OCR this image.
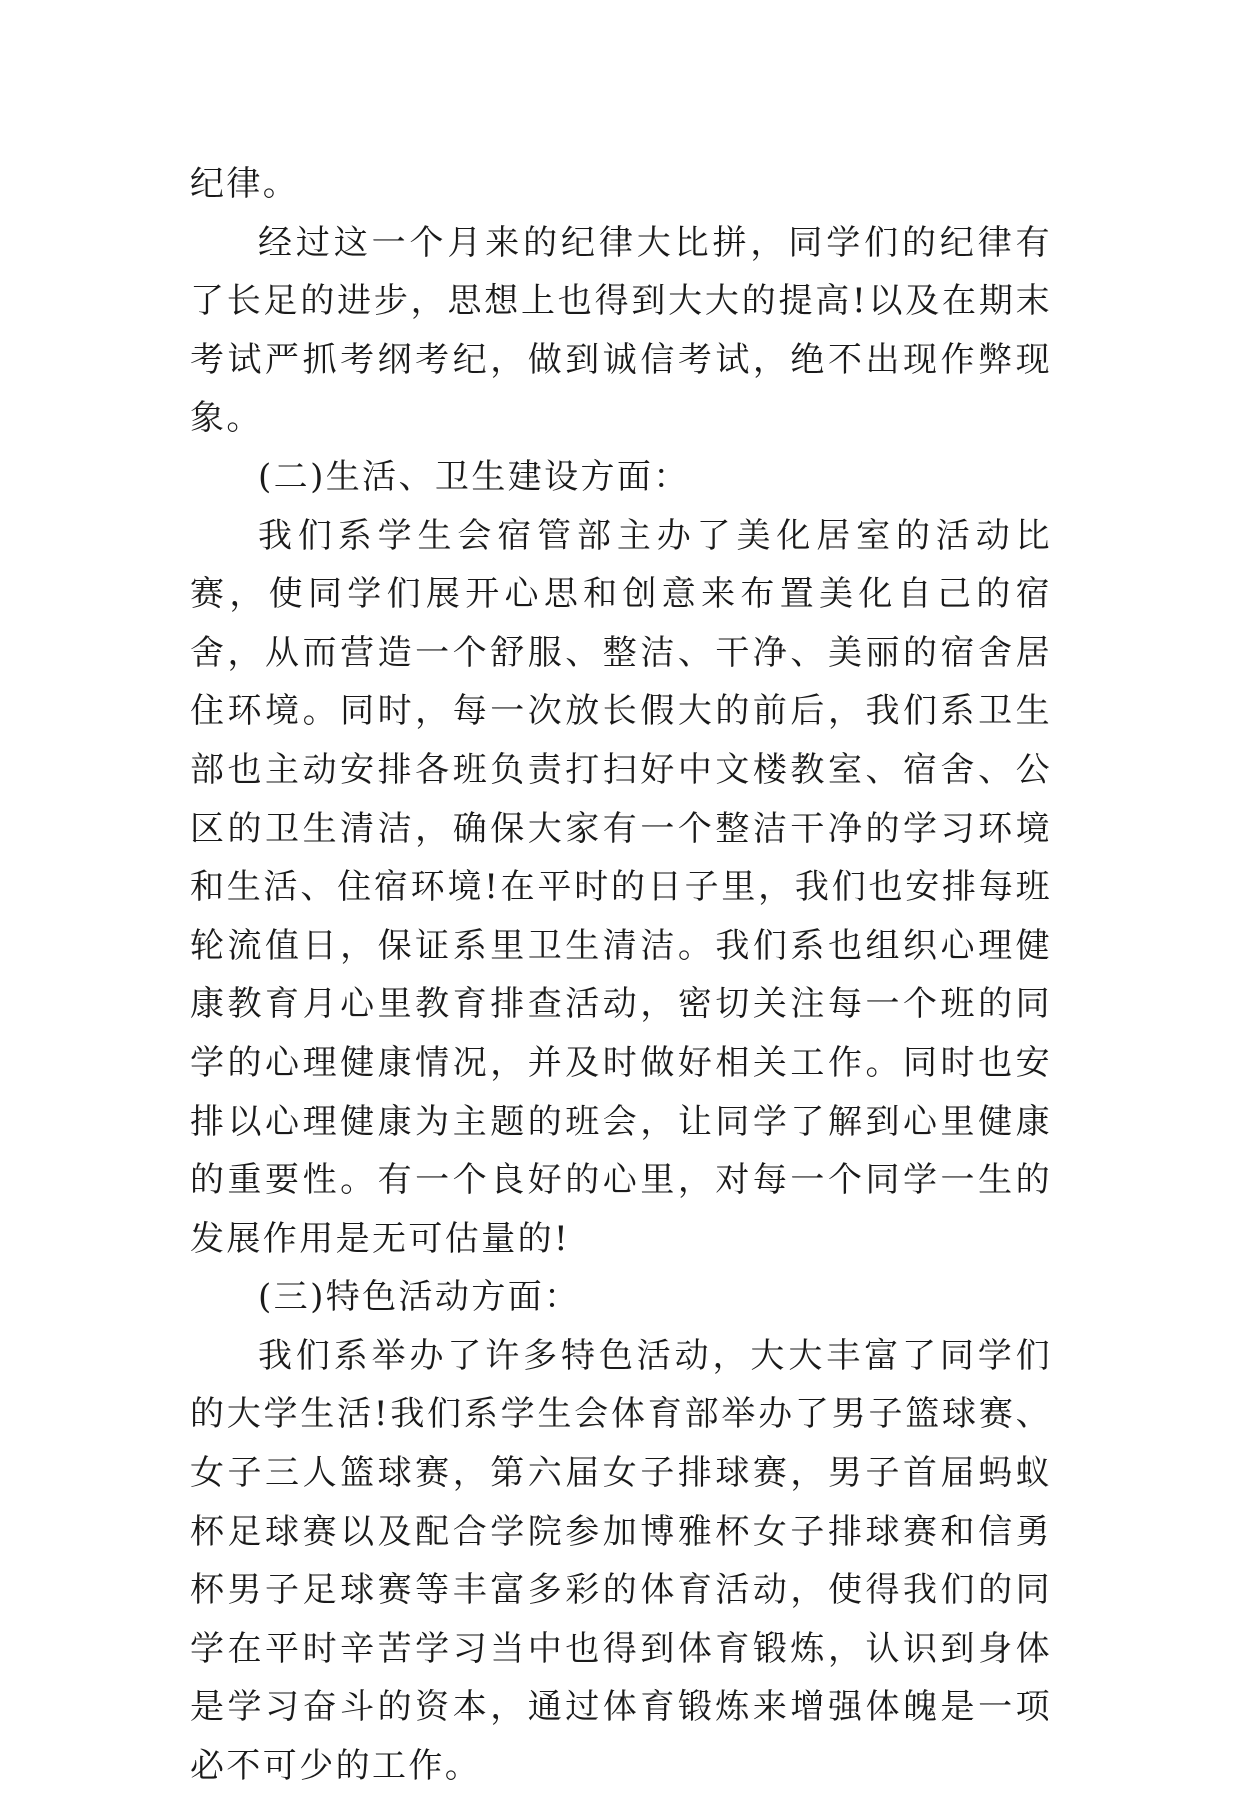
纪律。

经过这一个月来的纪律大比拼，同学们的纪律有了长足的进步，思想上也得到大大的提高!以及在期末考试严抓考纲考纪，做到诚信考试，绝不出现作弊现象。

(二)生活、卫生建设方面：

我们系学生会宿管部主办了美化居室的活动比赛，使同学们展开心思和创意来布置美化自己的宿舍，从而营造一个舒服、整洁、干净、美丽的宿舍居住环境。同时，每一次放长假大的前后，我们系卫生部也主动安排各班负责打扫好中文楼教室、宿舍、公区的卫生清洁，确保大家有一个整洁干净的学习环境和生活、住宿环境!在平时的日子里，我们也安排每班轮流值日，保证系里卫生清洁。我们系也组织心理健康教育月心里教育排查活动，密切关注每一个班的同学的心理健康情况，并及时做好相关工作。同时也安排以心理健康为主题的班会，让同学了解到心里健康的重要性。有一个良好的心里，对每一个同学一生的发展作用是无可估量的!

(三)特色活动方面：

我们系举办了许多特色活动，大大丰富了同学们的大学生活!我们系学生会体育部举办了男子篮球赛、女子三人篮球赛，第六届女子排球赛，男子首届蚂蚁杯足球赛以及配合学院参加博雅杯女子排球赛和信勇杯男子足球赛等丰富多彩的体育活动，使得我们的同学在平时辛苦学习当中也得到体育锻炼，认识到身体是学习奋斗的资本，通过体育锻炼来增强体魄是一项必不可少的工作。
